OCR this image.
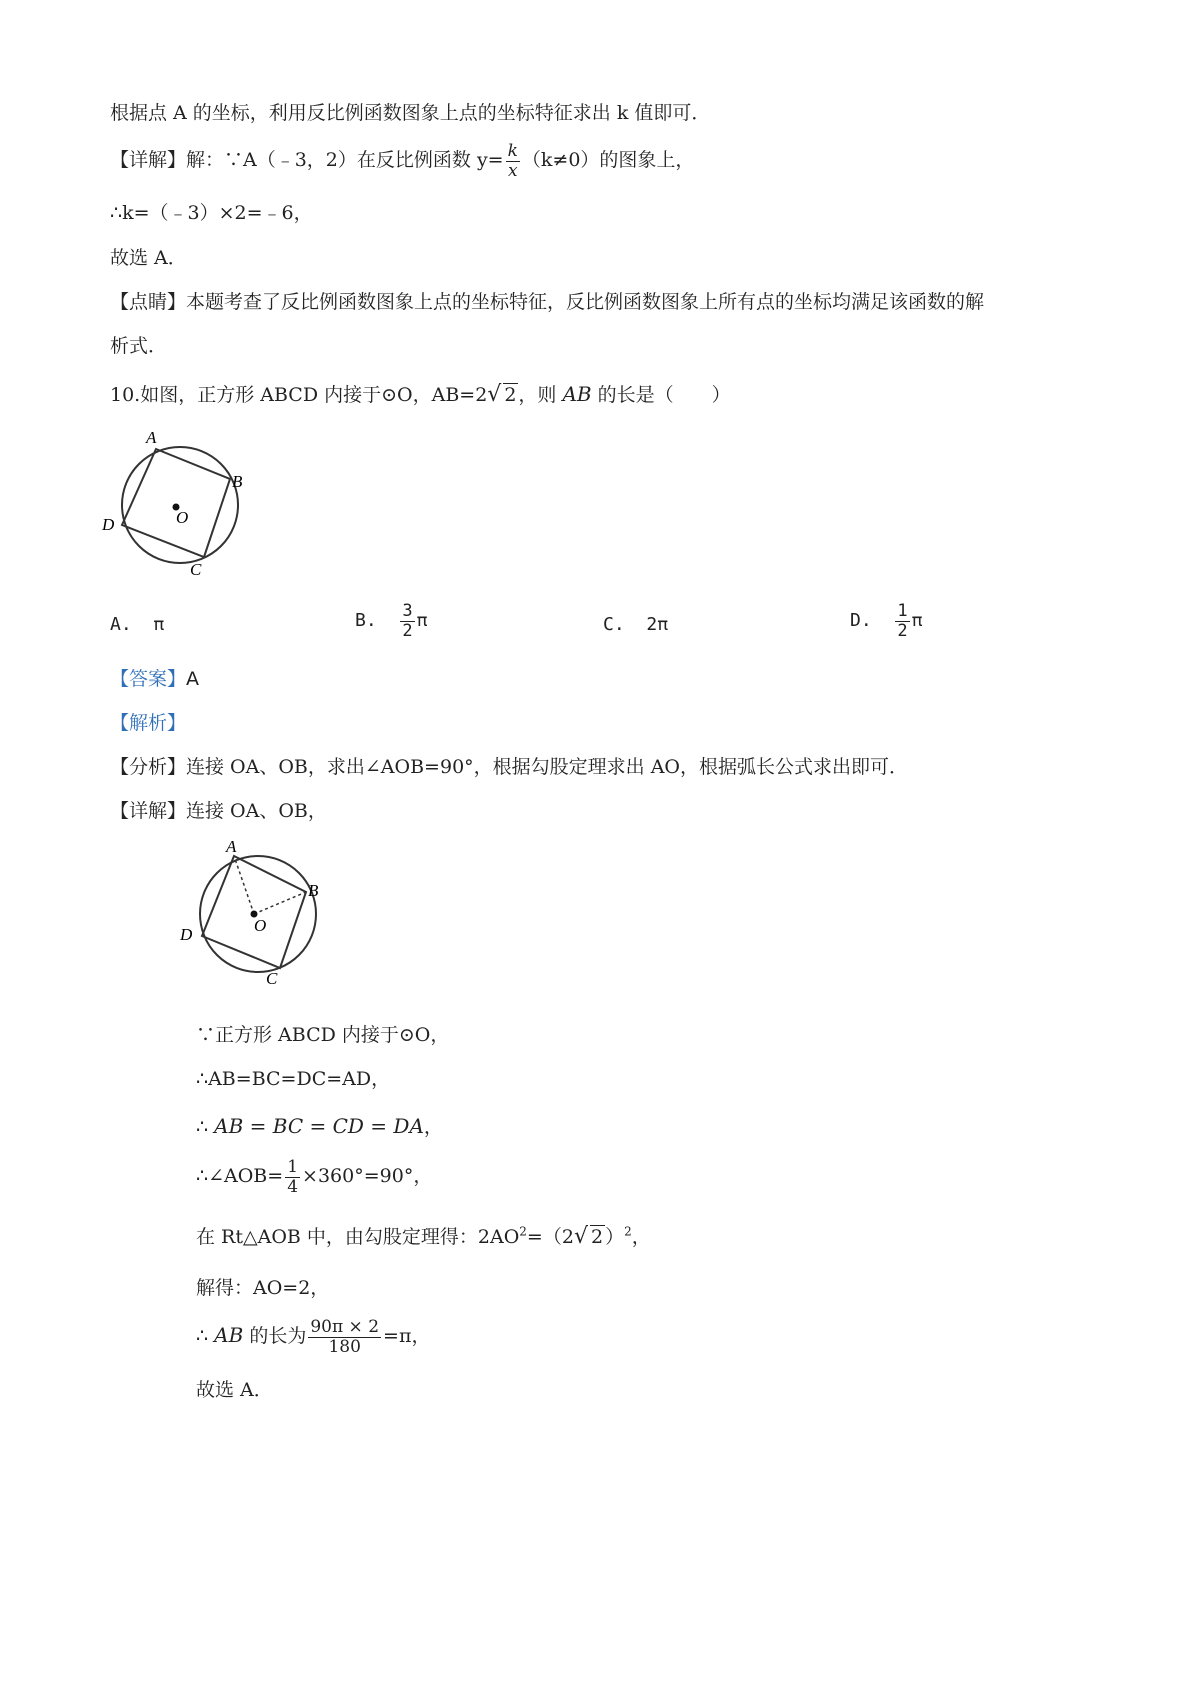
根据点 A 的坐标，利用反比例函数图象上点的坐标特征求出 k 值即可．
【详解】解：∵A（﹣3，2）在反比例函数 $y= \frac{k}{x} (k\ne 0)$的图象上，
∴k=（﹣3）×2=﹣6，
故选 A．
【点睛】本题考查了反比例函数图象上点的坐标特征，反比例函数图象上所有点的坐标均满足该函数的解
析式．
10.如图，正方形 ABCD 内接于⊙O，AB=2√ 2 ，则 AB 的长是（　　）
A
B
C
D	O
A. π	B. $\frac{3}{2}$ π	C. 2π	D. $\frac{1}{2}$ π
【答案】A
【解析】
【分析】连接 OA、OB，求出∠AOB=90°，根据勾股定理求出 AO，根据弧长公式求出即可．
【详解】连接 OA、OB，
A
B
C
D	O
∵正方形 ABCD 内接于⊙O，
∴AB=BC=DC=AD，
∴ AB = BC = CD = DA，
∴∠AOB= $\frac{1}{4} \times 360^\circ=90^\circ$，
在 Rt△AOB 中，由勾股定理得：$2AO^2=(2√$ 2 ）$^2$，
解得：AO=2，
∴ AB 的长为 $\frac{90\pi \times 2}{180} =\pi$，
故选 A．
